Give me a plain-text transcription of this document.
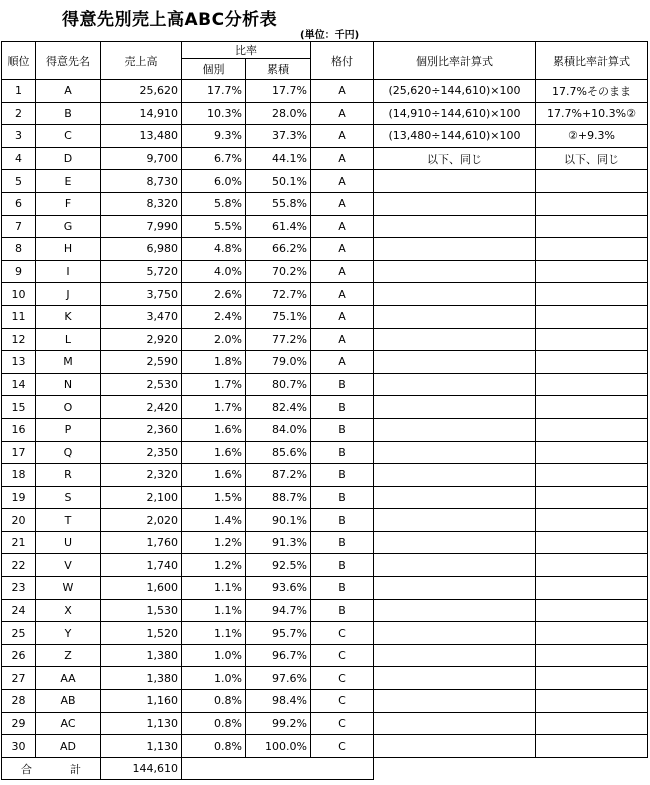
得意先別売上高ABC分析表
(単位：千円)
順位	得意先名	売上高	比率		格付	個別比率計算式	累積比率計算式
			個別	累積			
1	A	25,620	17.7%	17.7%	A	(25,620÷144,610)×100	17.7%そのまま
2	B	14,910	10.3%	28.0%	A	(14,910÷144,610)×100	17.7%+10.3%②
3	C	13,480	9.3%	37.3%	A	(13,480÷144,610)×100	②+9.3%
4	D	9,700	6.7%	44.1%	A	以下、同じ	以下、同じ
5	E	8,730	6.0%	50.1%	A		
6	F	8,320	5.8%	55.8%	A		
7	G	7,990	5.5%	61.4%	A		
8	H	6,980	4.8%	66.2%	A		
9	I	5,720	4.0%	70.2%	A		
10	J	3,750	2.6%	72.7%	A		
11	K	3,470	2.4%	75.1%	A		
12	L	2,920	2.0%	77.2%	A		
13	M	2,590	1.8%	79.0%	A		
14	N	2,530	1.7%	80.7%	B		
15	O	2,420	1.7%	82.4%	B		
16	P	2,360	1.6%	84.0%	B		
17	Q	2,350	1.6%	85.6%	B		
18	R	2,320	1.6%	87.2%	B		
19	S	2,100	1.5%	88.7%	B		
20	T	2,020	1.4%	90.1%	B		
21	U	1,760	1.2%	91.3%	B		
22	V	1,740	1.2%	92.5%	B		
23	W	1,600	1.1%	93.6%	B		
24	X	1,530	1.1%	94.7%	B		
25	Y	1,520	1.1%	95.7%	C		
26	Z	1,380	1.0%	96.7%	C		
27	AA	1,380	1.0%	97.6%	C		
28	AB	1,160	0.8%	98.4%	C		
29	AC	1,130	0.8%	99.2%	C		
30	AD	1,130	0.8%	100.0%	C		
合 計		144,610					
